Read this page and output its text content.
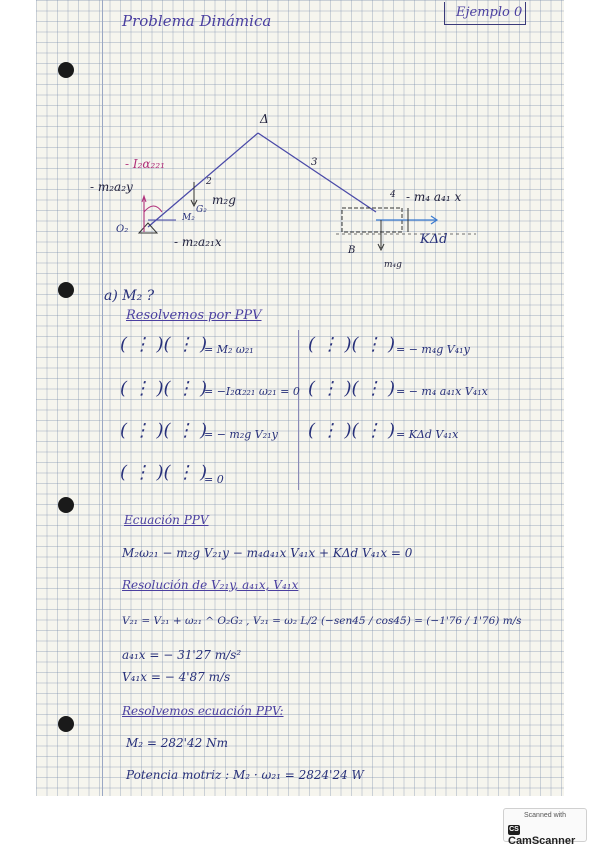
Problema Dinámica	Ejemplo 0
Δ
3
2
4
- I₂α₂₂₁
- m₂a₂y
m₂g
G₂
M₂
O₂
- m₂a₂₁x
- m₄ a₄₁ x
KΔd
B
m₄g
a) M₂ ?
Resolvemos por PPV
( ⋮ )( ⋮ )
= M₂ ω₂₁
( ⋮ )( ⋮ )
= −I₂α₂₂₁ ω₂₁ = 0
( ⋮ )( ⋮ )
= − m₂g V₂₁y
( ⋮ )( ⋮ )
= 0
( ⋮ )( ⋮ ) = − m₄g V₄₁y
( ⋮ )( ⋮ ) = − m₄ a₄₁x V₄₁x
( ⋮ )( ⋮ ) = KΔd V₄₁x
Ecuación PPV
M₂ω₂₁ − m₂g V₂₁y − m₄a₄₁x V₄₁x + KΔd V₄₁x = 0
Resolución de V₂₁y, a₄₁x, V₄₁x
V₂₁ = V₂₁ + ω₂₁ ^ O₂G₂ , V₂₁ = ω₂ L/2 (−sen45 / cos45) = (−1'76 / 1'76) m/s
a₄₁x = − 31'27 m/s²
V₄₁x = − 4'87 m/s
Resolvemos ecuación PPV:
M₂ = 282'42 Nm
Potencia motriz : M₂ · ω₂₁ = 2824'24 W
Scanned with
CSCamScanner
